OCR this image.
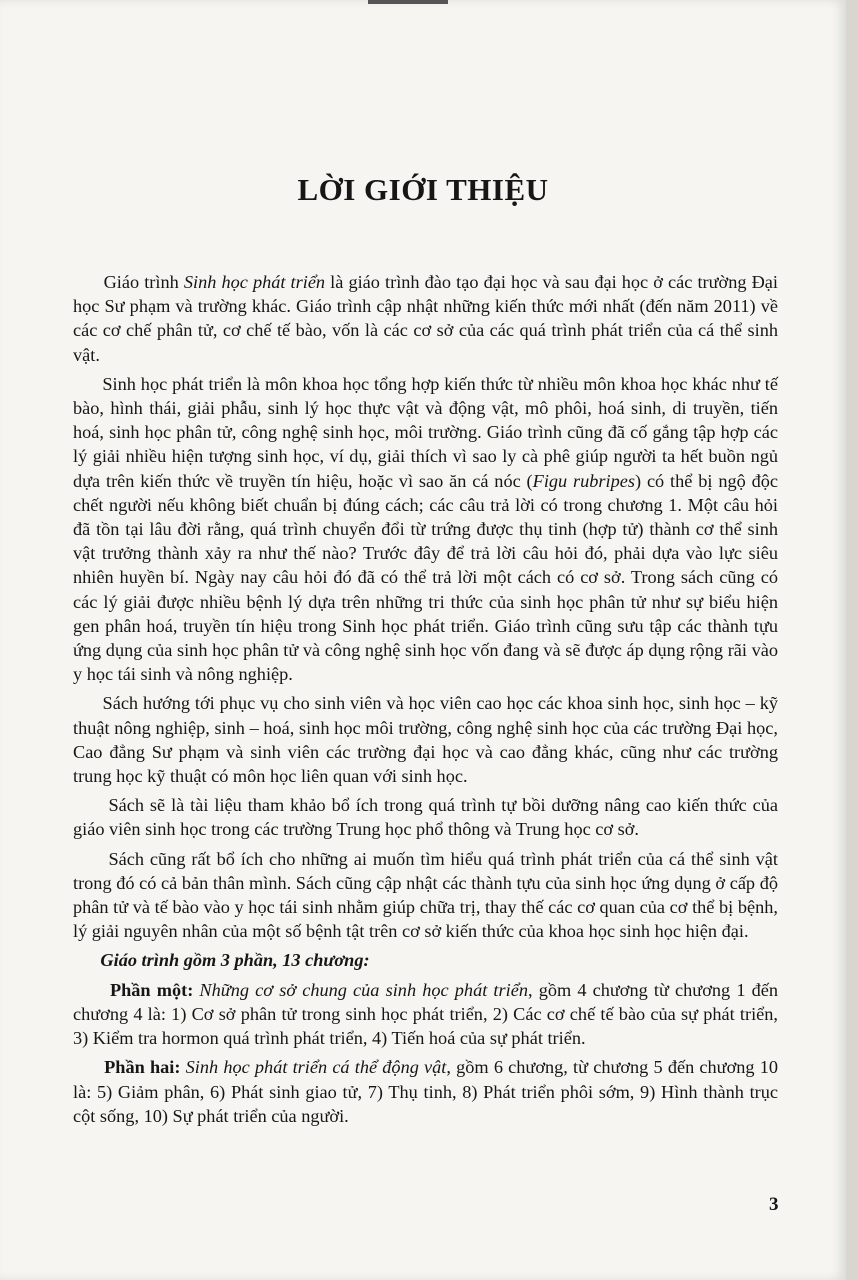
LỜI GIỚI THIỆU

Giáo trình Sinh học phát triển là giáo trình đào tạo đại học và sau đại học ở các trường Đại học Sư phạm và trường khác. Giáo trình cập nhật những kiến thức mới nhất (đến năm 2011) về các cơ chế phân tử, cơ chế tế bào, vốn là các cơ sở của các quá trình phát triển của cá thể sinh vật.

Sinh học phát triển là môn khoa học tổng hợp kiến thức từ nhiều môn khoa học khác như tế bào, hình thái, giải phẫu, sinh lý học thực vật và động vật, mô phôi, hoá sinh, di truyền, tiến hoá, sinh học phân tử, công nghệ sinh học, môi trường. Giáo trình cũng đã cố gắng tập hợp các lý giải nhiều hiện tượng sinh học, ví dụ, giải thích vì sao ly cà phê giúp người ta hết buồn ngủ dựa trên kiến thức về truyền tín hiệu, hoặc vì sao ăn cá nóc (Figu rubripes) có thể bị ngộ độc chết người nếu không biết chuẩn bị đúng cách; các câu trả lời có trong chương 1. Một câu hỏi đã tồn tại lâu đời rằng, quá trình chuyển đổi từ trứng được thụ tinh (hợp tử) thành cơ thể sinh vật trưởng thành xảy ra như thế nào? Trước đây để trả lời câu hỏi đó, phải dựa vào lực siêu nhiên huyền bí. Ngày nay câu hỏi đó đã có thể trả lời một cách có cơ sở. Trong sách cũng có các lý giải được nhiều bệnh lý dựa trên những tri thức của sinh học phân tử như sự biểu hiện gen phân hoá, truyền tín hiệu trong Sinh học phát triển. Giáo trình cũng sưu tập các thành tựu ứng dụng của sinh học phân tử và công nghệ sinh học vốn đang và sẽ được áp dụng rộng rãi vào y học tái sinh và nông nghiệp.

Sách hướng tới phục vụ cho sinh viên và học viên cao học các khoa sinh học, sinh học – kỹ thuật nông nghiệp, sinh – hoá, sinh học môi trường, công nghệ sinh học của các trường Đại học, Cao đẳng Sư phạm và sinh viên các trường đại học và cao đẳng khác, cũng như các trường trung học kỹ thuật có môn học liên quan với sinh học.

Sách sẽ là tài liệu tham khảo bổ ích trong quá trình tự bồi dưỡng nâng cao kiến thức của giáo viên sinh học trong các trường Trung học phổ thông và Trung học cơ sở.

Sách cũng rất bổ ích cho những ai muốn tìm hiểu quá trình phát triển của cá thể sinh vật trong đó có cả bản thân mình. Sách cũng cập nhật các thành tựu của sinh học ứng dụng ở cấp độ phân tử và tế bào vào y học tái sinh nhằm giúp chữa trị, thay thế các cơ quan của cơ thể bị bệnh, lý giải nguyên nhân của một số bệnh tật trên cơ sở kiến thức của khoa học sinh học hiện đại.

Giáo trình gồm 3 phần, 13 chương:

Phần một: Những cơ sở chung của sinh học phát triển, gồm 4 chương từ chương 1 đến chương 4 là: 1) Cơ sở phân tử trong sinh học phát triển, 2) Các cơ chế tế bào của sự phát triển, 3) Kiểm tra hormon quá trình phát triển, 4) Tiến hoá của sự phát triển.

Phần hai: Sinh học phát triển cá thể động vật, gồm 6 chương, từ chương 5 đến chương 10 là: 5) Giảm phân, 6) Phát sinh giao tử, 7) Thụ tinh, 8) Phát triển phôi sớm, 9) Hình thành trục cột sống, 10) Sự phát triển của người.

3
